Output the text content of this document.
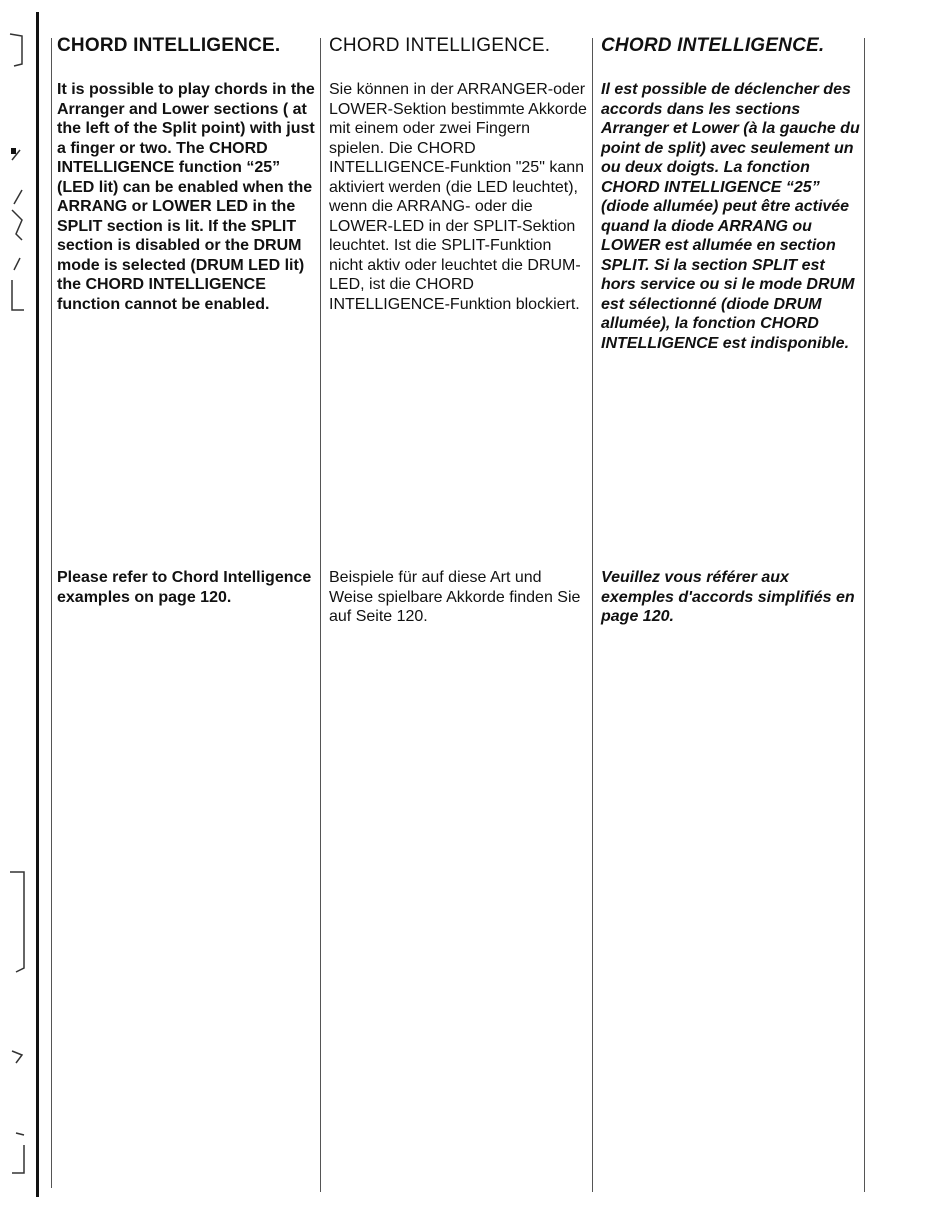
CHORD INTELLIGENCE.

It is possible to play chords in the Arranger and Lower sections ( at the left of the Split point) with just a finger or two. The CHORD INTELLIGENCE function “25” (LED lit) can be enabled when the ARRANG or LOWER LED in the SPLIT section is lit. If the SPLIT section is disabled or the DRUM mode is selected (DRUM LED lit) the CHORD INTELLIGENCE function cannot be enabled.

Please refer to Chord Intelligence examples on page 120.

CHORD INTELLIGENCE.

Sie können in der ARRANGER-oder LOWER-Sektion bestimmte Akkorde mit einem oder zwei Fingern spielen. Die CHORD INTELLIGENCE-Funktion "25" kann aktiviert werden (die LED leuchtet), wenn die ARRANG- oder die LOWER-LED in der SPLIT-Sektion leuchtet. Ist die SPLIT-Funktion nicht aktiv oder leuchtet die DRUM-LED, ist die CHORD INTELLIGENCE-Funktion blockiert.

Beispiele für auf diese Art und Weise spielbare Akkorde finden Sie auf Seite 120.

CHORD INTELLIGENCE.

Il est possible de déclencher des accords dans les sections Arranger et Lower (à la gauche du point de split) avec seulement un ou deux doigts. La fonction CHORD INTELLIGENCE “25” (diode allumée) peut être activée quand la diode ARRANG ou LOWER est allumée en section SPLIT. Si la section SPLIT est hors service ou si le mode DRUM est sélectionné (diode DRUM allumée), la fonction CHORD INTELLIGENCE est indisponible.

Veuillez vous référer aux exemples d'accords simplifiés en page 120.
